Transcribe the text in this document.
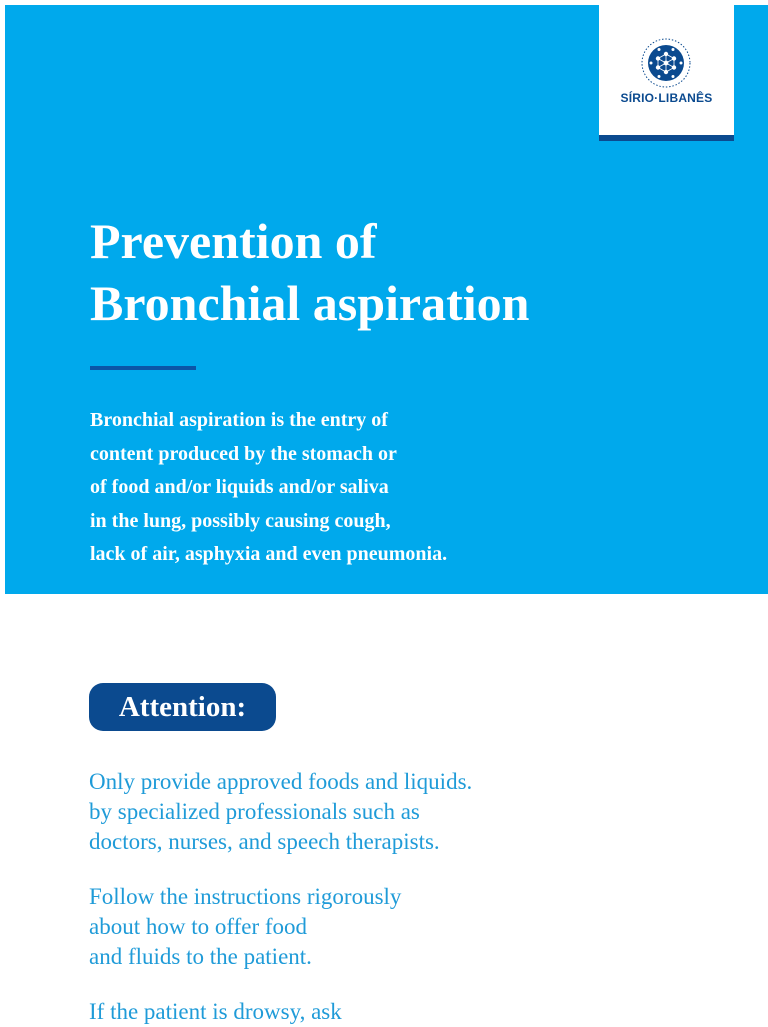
SÍRIO·LIBANÊS
Prevention of
Bronchial aspiration

Bronchial aspiration is the entry of
content produced by the stomach or
of food and/or liquids and/or saliva
in the lung, possibly causing cough,
lack of air, asphyxia and even pneumonia.

Attention:

Only provide approved foods and liquids.
by specialized professionals such as
doctors, nurses, and speech therapists.

Follow the instructions rigorously
about how to offer food
and fluids to the patient.

If the patient is drowsy, ask
